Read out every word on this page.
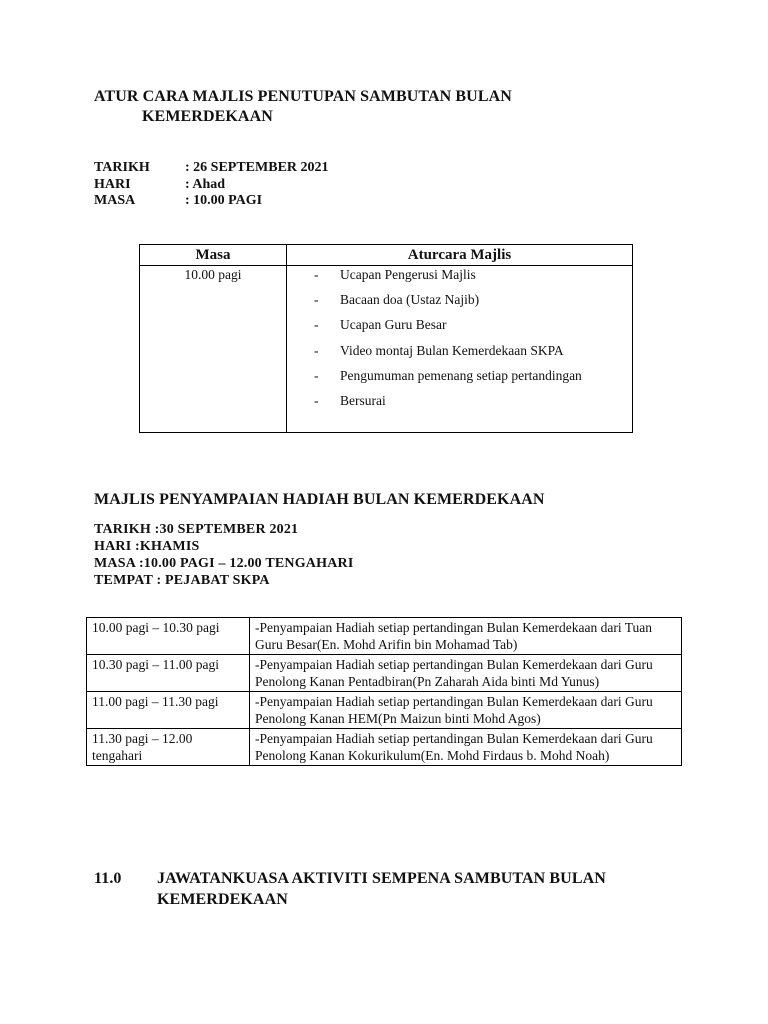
ATUR CARA MAJLIS PENUTUPAN SAMBUTAN BULAN
KEMERDEKAAN
TARIKH	: 26 SEPTEMBER 2021
HARI	: Ahad
MASA	: 10.00 PAGI
Masa	Aturcara Majlis
10.00 pagi	- Ucapan Pengerusi Majlis
- Bacaan doa (Ustaz Najib)
- Ucapan Guru Besar
- Video montaj Bulan Kemerdekaan SKPA
- Pengumuman pemenang setiap pertandingan
- Bersurai
MAJLIS PENYAMPAIAN HADIAH BULAN KEMERDEKAAN
TARIKH :30 SEPTEMBER 2021
HARI :KHAMIS
MASA :10.00 PAGI – 12.00 TENGAHARI
TEMPAT : PEJABAT SKPA
10.00 pagi – 10.30 pagi	-Penyampaian Hadiah setiap pertandingan Bulan Kemerdekaan dari Tuan Guru Besar(En. Mohd Arifin bin Mohamad Tab)
10.30 pagi – 11.00 pagi	-Penyampaian Hadiah setiap pertandingan Bulan Kemerdekaan dari Guru Penolong Kanan Pentadbiran(Pn Zaharah Aida binti Md Yunus)
11.00 pagi – 11.30 pagi	-Penyampaian Hadiah setiap pertandingan Bulan Kemerdekaan dari Guru Penolong Kanan HEM(Pn Maizun binti Mohd Agos)
11.30 pagi – 12.00 tengahari	-Penyampaian Hadiah setiap pertandingan Bulan Kemerdekaan dari Guru Penolong Kanan Kokurikulum(En. Mohd Firdaus b. Mohd Noah)
11.0 JAWATANKUASA AKTIVITI SEMPENA SAMBUTAN BULAN
KEMERDEKAAN
